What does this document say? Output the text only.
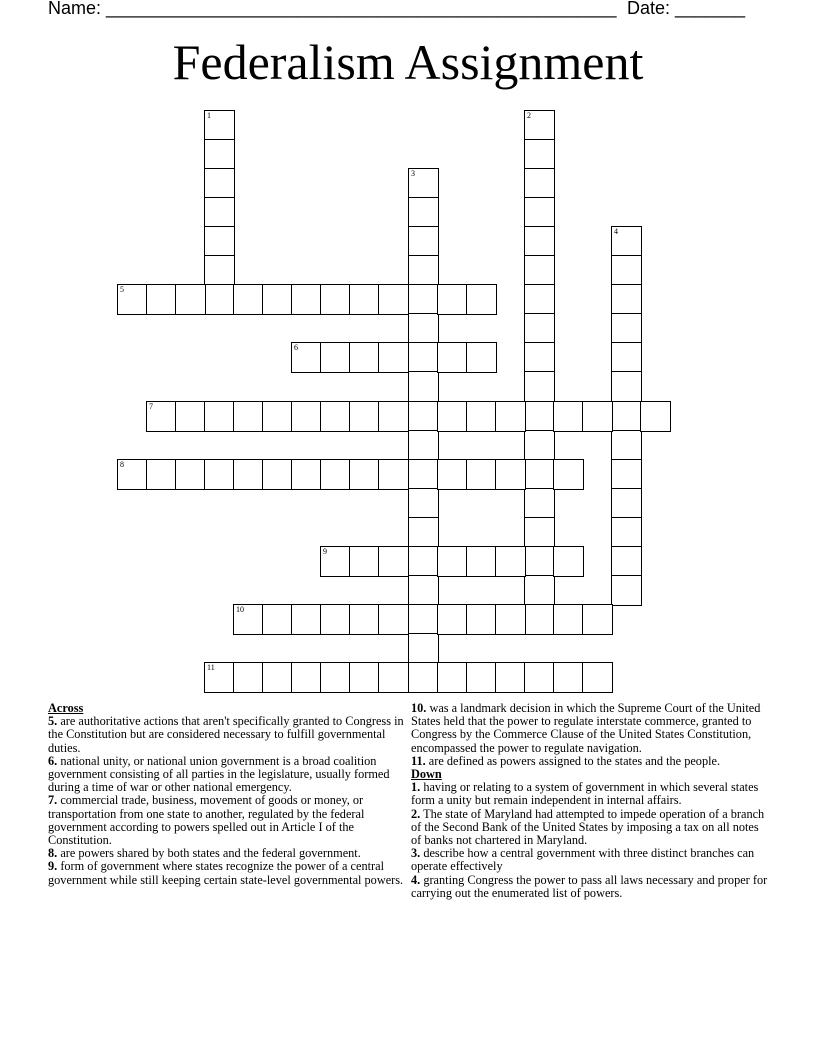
Name: ___________________________________________________ Date: _______
Federalism Assignment
1	2
3
4
5
6
7
8
9
10
11
Across
5. are authoritative actions that aren't specifically granted to Congress in the Constitution but are considered necessary to fulfill governmental duties.
6. national unity, or national union government is a broad coalition government consisting of all parties in the legislature, usually formed during a time of war or other national emergency.
7. commercial trade, business, movement of goods or money, or transportation from one state to another, regulated by the federal government according to powers spelled out in Article I of the Constitution.
8. are powers shared by both states and the federal government.
9. form of government where states recognize the power of a central government while still keeping certain state-level governmental powers.
10. was a landmark decision in which the Supreme Court of the United States held that the power to regulate interstate commerce, granted to Congress by the Commerce Clause of the United States Constitution, encompassed the power to regulate navigation.
11. are defined as powers assigned to the states and the people.
Down
1. having or relating to a system of government in which several states form a unity but remain independent in internal affairs.
2. The state of Maryland had attempted to impede operation of a branch of the Second Bank of the United States by imposing a tax on all notes of banks not chartered in Maryland.
3. describe how a central government with three distinct branches can operate effectively
4. granting Congress the power to pass all laws necessary and proper for carrying out the enumerated list of powers.
